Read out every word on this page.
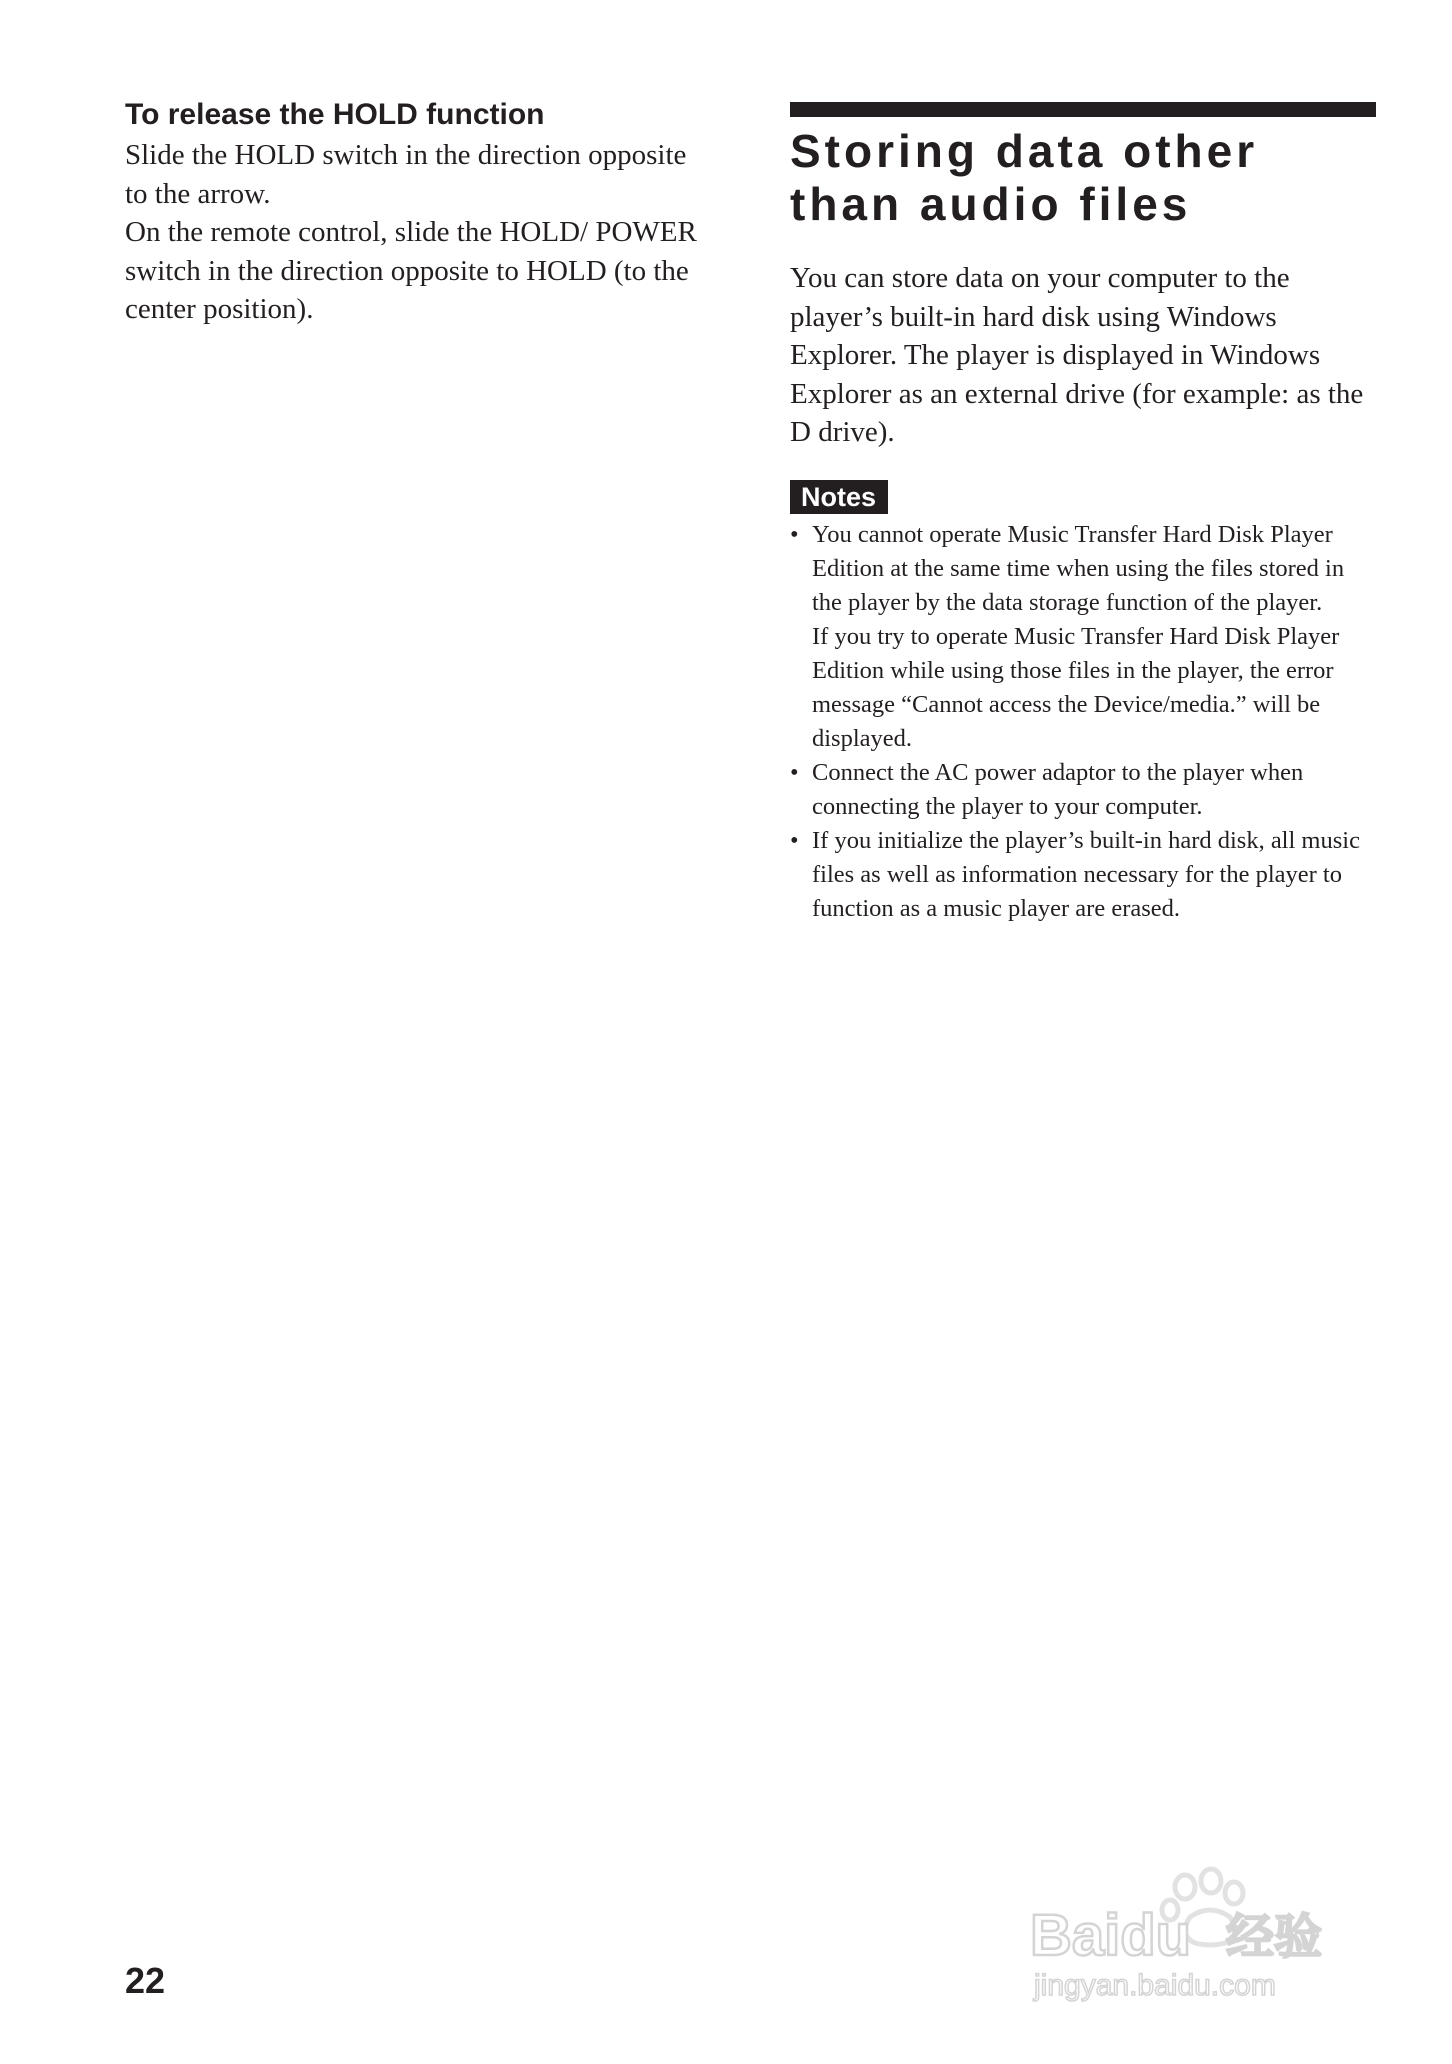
To release the HOLD function

Slide the HOLD switch in the direction opposite to the arrow.

On the remote control, slide the HOLD/ POWER switch in the direction opposite to HOLD (to the center position).

Storing data other
than audio files

You can store data on your computer to the player’s built-in hard disk using Windows Explorer. The player is displayed in Windows Explorer as an external drive (for example: as the D drive).

Notes
• You cannot operate Music Transfer Hard Disk Player Edition at the same time when using the files stored in the player by the data storage function of the player.

If you try to operate Music Transfer Hard Disk Player Edition while using those files in the player, the error message “Cannot access the Device/media.” will be displayed.

• Connect the AC power adaptor to the player when connecting the player to your computer.

• If you initialize the player’s built-in hard disk, all music files as well as information necessary for the player to function as a music player are erased.

22
Baidu 经验
jingyan.baidu.com
